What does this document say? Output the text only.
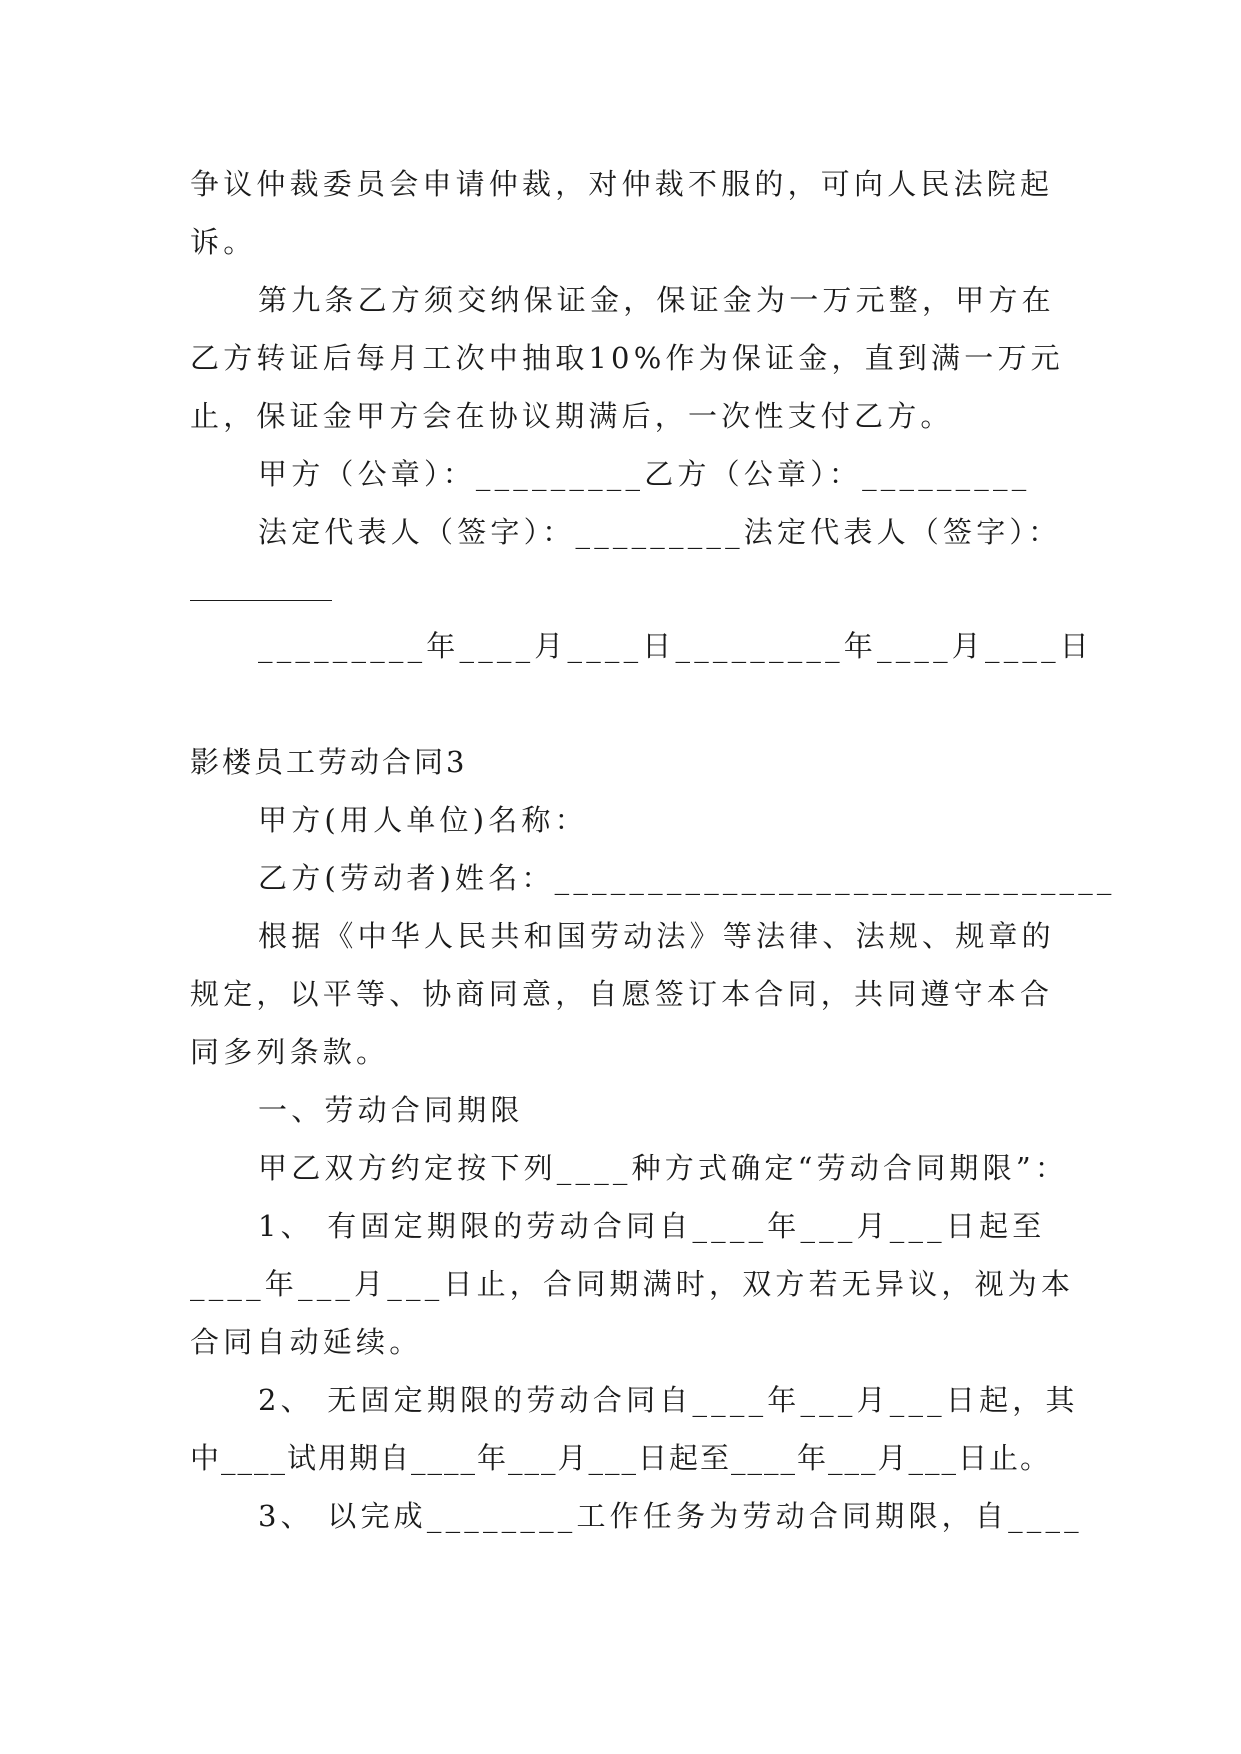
争议仲裁委员会申请仲裁，对仲裁不服的，可向人民法院起
诉。
第九条乙方须交纳保证金，保证金为一万元整，甲方在
乙方转证后每月工次中抽取10%作为保证金，直到满一万元
止，保证金甲方会在协议期满后，一次性支付乙方。
甲方（公章）：_________乙方（公章）：_________
法定代表人（签字）：_________法定代表人（签字）：
_________年____月____日_________年____月____日
影楼员工劳动合同3
甲方(用人单位)名称：
乙方(劳动者)姓名：______________________________
根据《中华人民共和国劳动法》等法律、法规、规章的
规定，以平等、协商同意，自愿签订本合同，共同遵守本合
同多列条款。
一、劳动合同期限
甲乙双方约定按下列____种方式确定“劳动合同期限”：
1、 有固定期限的劳动合同自____年___月___日起至
____年___月___日止，合同期满时，双方若无异议，视为本
合同自动延续。
2、 无固定期限的劳动合同自____年___月___日起，其
中____试用期自____年___月___日起至____年___月___日止。
3、 以完成________工作任务为劳动合同期限，自____
